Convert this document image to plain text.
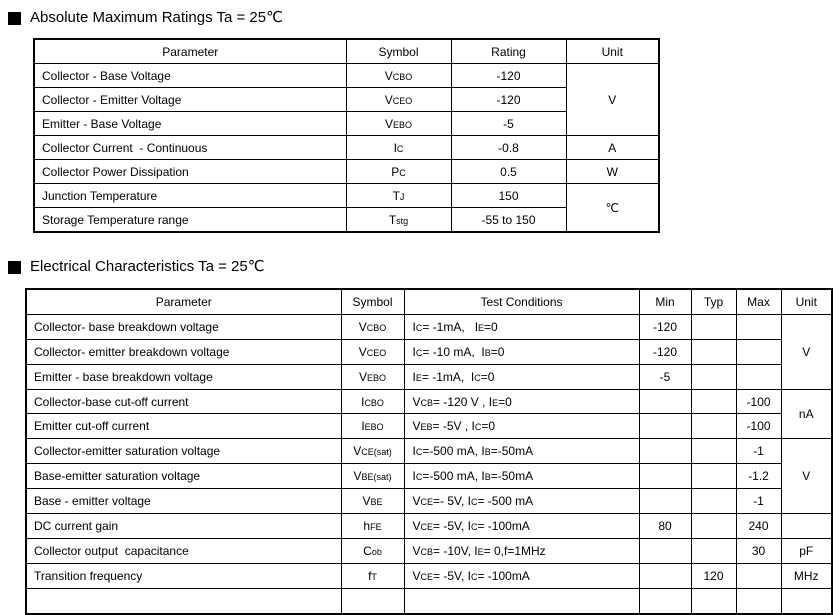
Absolute Maximum Ratings Ta = 25℃
Parameter	Symbol	Rating	Unit
Collector - Base Voltage	VCBO	-120	V
Collector - Emitter Voltage	VCEO	-120	
Emitter - Base Voltage	VEBO	-5	
Collector Current  - Continuous	IC	-0.8	A
Collector Power Dissipation	PC	0.5	W
Junction Temperature	TJ	150	℃
Storage Temperature range	Tstg	-55 to 150	
Electrical Characteristics Ta = 25℃
Parameter	Symbol	Test Conditions	Min	Typ	Max	Unit
Collector- base breakdown voltage	VCBO	IC= -1mA,   IE=0	-120			V
Collector- emitter breakdown voltage	VCEO	IC= -10 mA,  IB=0	-120			
Emitter - base breakdown voltage	VEBO	IE= -1mA,  IC=0	-5			
Collector-base cut-off current	ICBO	VCB= -120 V , IE=0			-100	nA
Emitter cut-off current	IEBO	VEB= -5V , IC=0			-100	
Collector-emitter saturation voltage	VCE(sat)	IC=-500 mA, IB=-50mA			-1	V
Base-emitter saturation voltage	VBE(sat)	IC=-500 mA, IB=-50mA			-1.2	
Base - emitter voltage	VBE	VCE=- 5V, IC= -500 mA			-1	
DC current gain	hFE	VCE= -5V, IC= -100mA	80		240	
Collector output  capacitance	Cob	VCB= -10V, IE= 0,f=1MHz			30	pF
Transition frequency	fT	VCE= -5V, IC= -100mA		120		MHz
